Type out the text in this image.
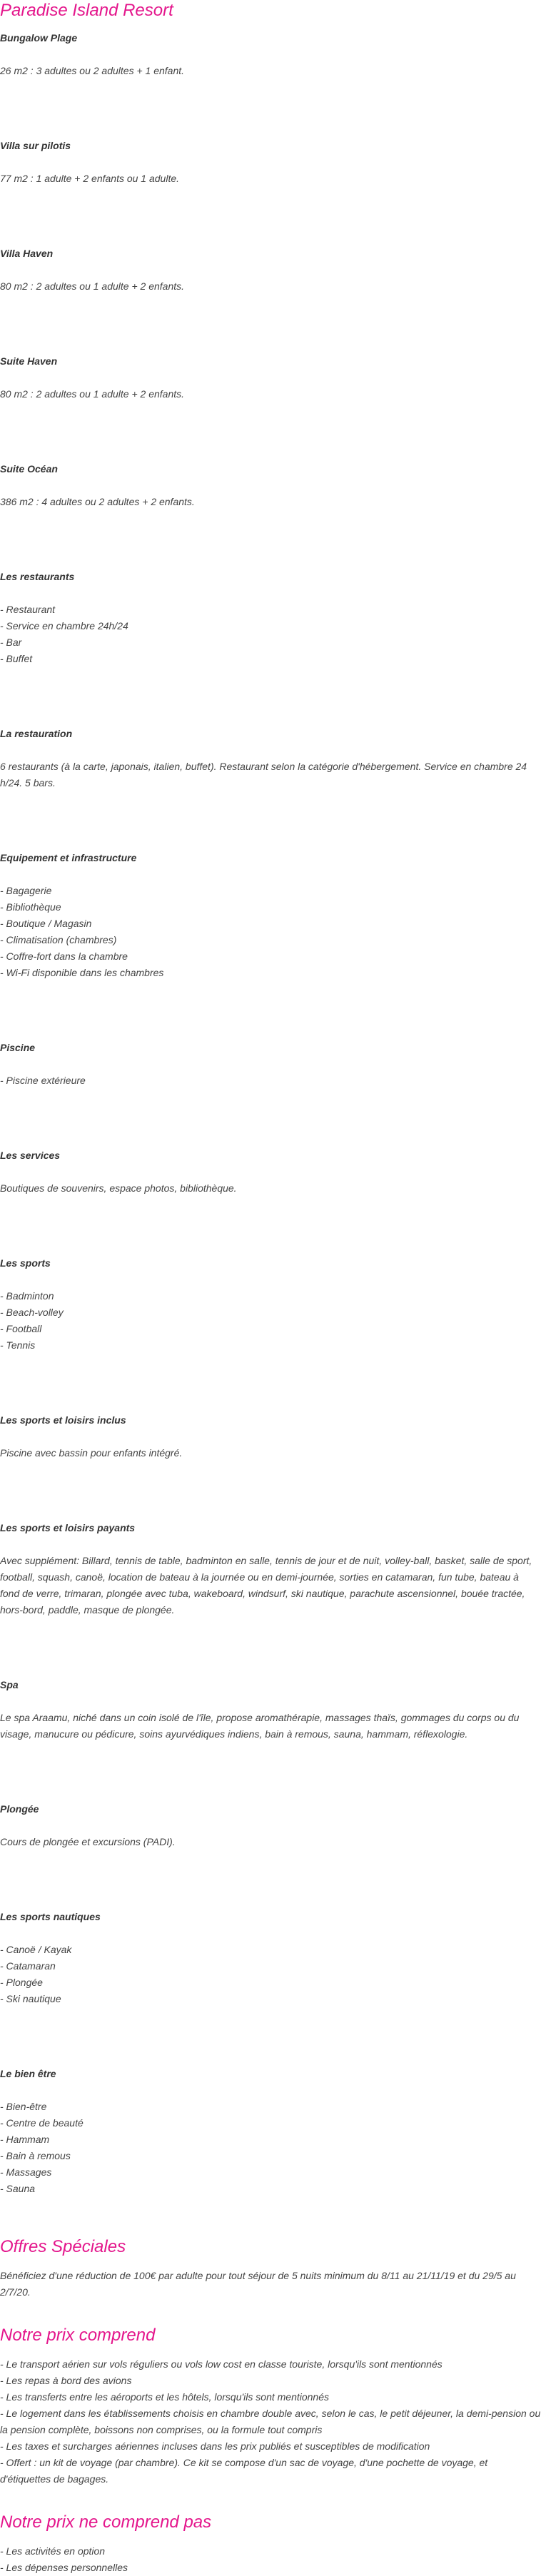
Paradise Island Resort
Bungalow Plage
26 m2 : 3 adultes ou 2 adultes + 1 enfant.
Villa sur pilotis
77 m2 : 1 adulte + 2 enfants ou 1 adulte.
Villa Haven
80 m2 : 2 adultes ou 1 adulte + 2 enfants.
Suite Haven
80 m2 : 2 adultes ou 1 adulte + 2 enfants.
Suite Océan
386 m2 : 4 adultes ou 2 adultes + 2 enfants.
Les restaurants
- Restaurant
- Service en chambre 24h/24
- Bar
- Buffet
La restauration
6 restaurants (à la carte, japonais, italien, buffet). Restaurant selon la catégorie d'hébergement. Service en chambre 24 h/24. 5 bars.
Equipement et infrastructure
- Bagagerie
- Bibliothèque
- Boutique / Magasin
- Climatisation (chambres)
- Coffre-fort dans la chambre
- Wi-Fi disponible dans les chambres
Piscine
- Piscine extérieure
Les services
Boutiques de souvenirs, espace photos, bibliothèque.
Les sports
- Badminton
- Beach-volley
- Football
- Tennis
Les sports et loisirs inclus
Piscine avec bassin pour enfants intégré.
Les sports et loisirs payants
Avec supplément: Billard, tennis de table, badminton en salle, tennis de jour et de nuit, volley-ball, basket, salle de sport, football, squash, canoë, location de bateau à la journée ou en demi-journée, sorties en catamaran, fun tube, bateau à fond de verre, trimaran, plongée avec tuba, wakeboard, windsurf, ski nautique, parachute ascensionnel, bouée tractée, hors-bord, paddle, masque de plongée.
Spa
Le spa Araamu, niché dans un coin isolé de l'île, propose aromathérapie, massages thaïs, gommages du corps ou du visage, manucure ou pédicure, soins ayurvédiques indiens, bain à remous, sauna, hammam, réflexologie.
Plongée
Cours de plongée et excursions (PADI).
Les sports nautiques
- Canoë / Kayak
- Catamaran
- Plongée
- Ski nautique
Le bien être
- Bien-être
- Centre de beauté
- Hammam
- Bain à remous
- Massages
- Sauna
Offres Spéciales
Bénéficiez d'une réduction de 100€ par adulte pour tout séjour de 5 nuits minimum du 8/11 au 21/11/19 et du 29/5 au 2/7/20.
Notre prix comprend
- Le transport aérien sur vols réguliers ou vols low cost en classe touriste, lorsqu'ils sont mentionnés
- Les repas à bord des avions
- Les transferts entre les aéroports et les hôtels, lorsqu'ils sont mentionnés
- Le logement dans les établissements choisis en chambre double avec, selon le cas, le petit déjeuner, la demi-pension ou la pension complète, boissons non comprises, ou la formule tout compris
- Les taxes et surcharges aériennes incluses dans les prix publiés et susceptibles de modification
- Offert : un kit de voyage (par chambre). Ce kit se compose d'un sac de voyage, d'une pochette de voyage, et d'étiquettes de bagages.
Notre prix ne comprend pas
- Les activités en option
- Les dépenses personnelles
